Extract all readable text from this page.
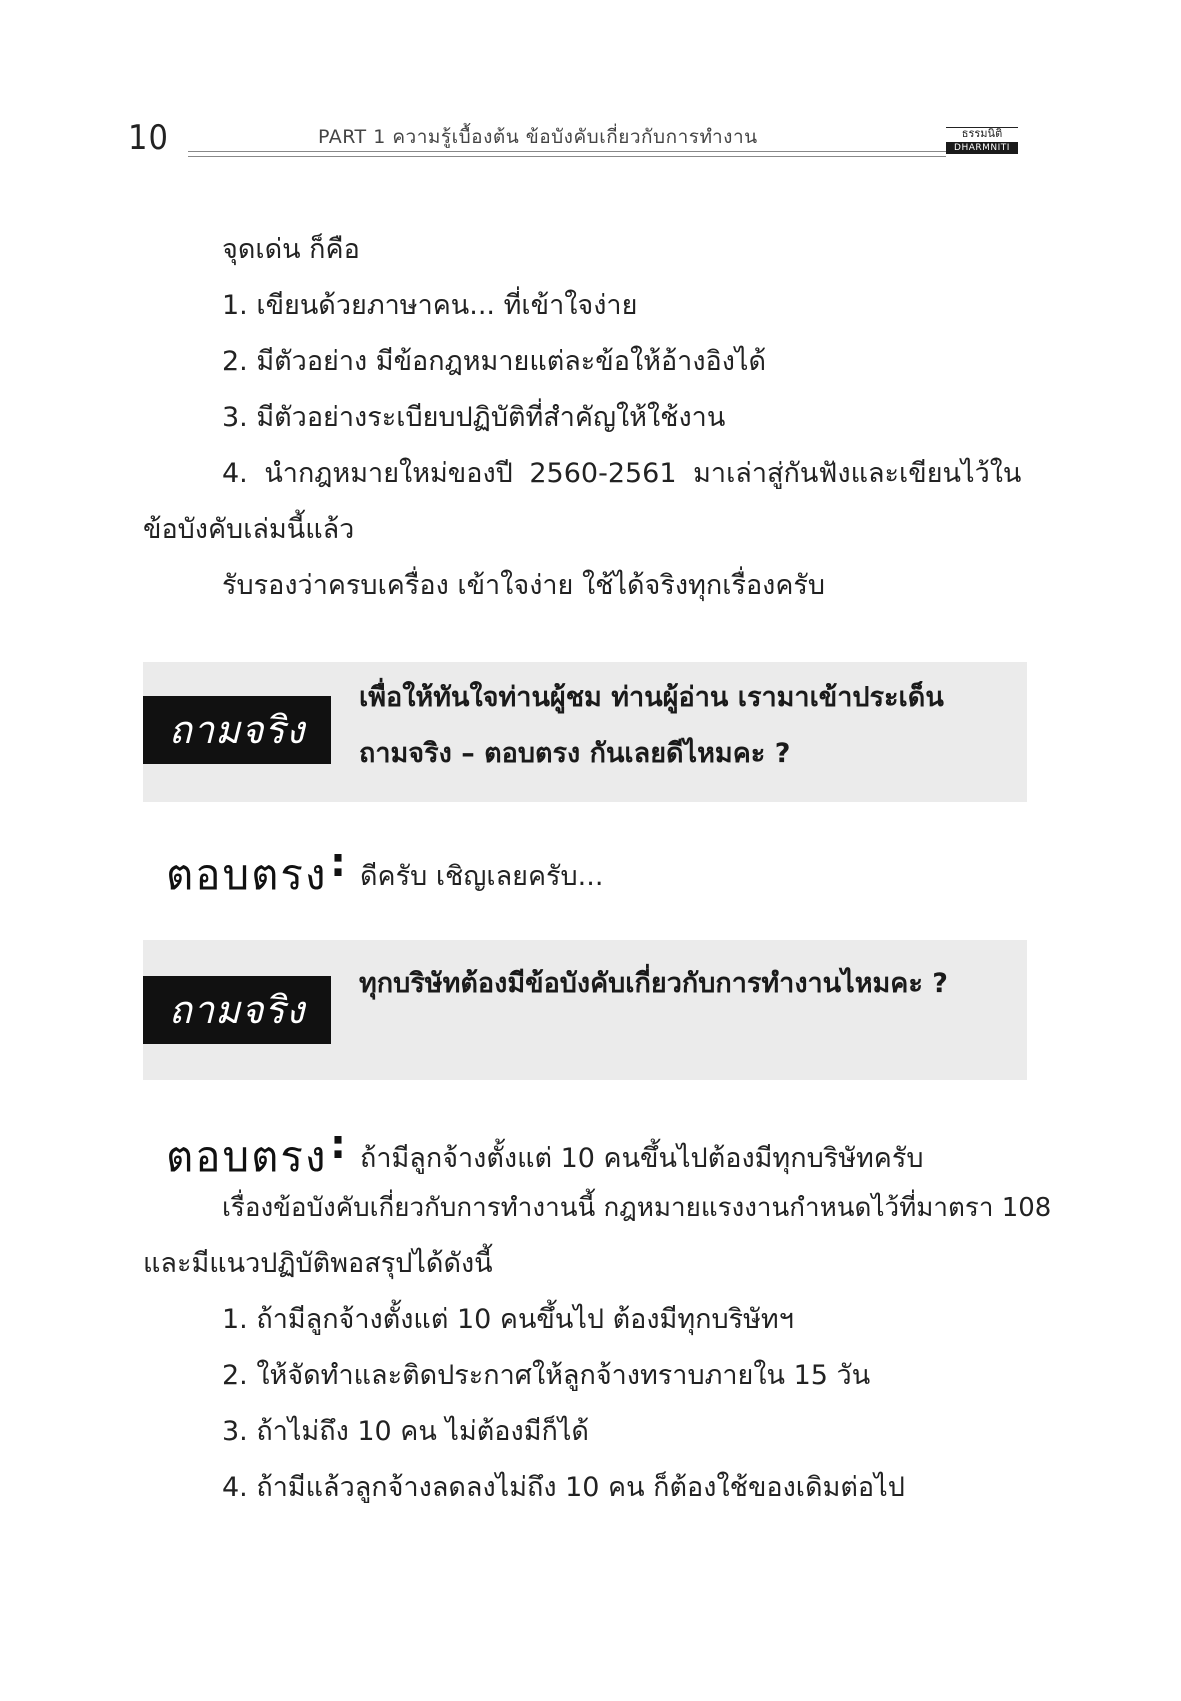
10	PART 1 ความรู้เบื้องต้น ข้อบังคับเกี่ยวกับการทำงาน	ธรรมนิติ
DHARMNITI
จุดเด่น ก็คือ
1. เขียนด้วยภาษาคน... ที่เข้าใจง่าย
2. มีตัวอย่าง มีข้อกฎหมายแต่ละข้อให้อ้างอิงได้
3. มีตัวอย่างระเบียบปฏิบัติที่สำคัญให้ใช้งาน
4. นำกฎหมายใหม่ของปี 2560-2561 มาเล่าสู่กันฟังและเขียนไว้ใน
ข้อบังคับเล่มนี้แล้ว
รับรองว่าครบเครื่อง เข้าใจง่าย ใช้ได้จริงทุกเรื่องครับ
ถามจริง
เพื่อให้ทันใจท่านผู้ชม ท่านผู้อ่าน เรามาเข้าประเด็น
ถามจริง – ตอบตรง กันเลยดีไหมคะ ?
ตอบตรง : ดีครับ เชิญเลยครับ...
ถามจริง
ทุกบริษัทต้องมีข้อบังคับเกี่ยวกับการทำงานไหมคะ ?
ตอบตรง : ถ้ามีลูกจ้างตั้งแต่ 10 คนขึ้นไปต้องมีทุกบริษัทครับ
เรื่องข้อบังคับเกี่ยวกับการทำงานนี้ กฎหมายแรงงานกำหนดไว้ที่มาตรา 108
และมีแนวปฏิบัติพอสรุปได้ดังนี้
1. ถ้ามีลูกจ้างตั้งแต่ 10 คนขึ้นไป ต้องมีทุกบริษัทฯ
2. ให้จัดทำและติดประกาศให้ลูกจ้างทราบภายใน 15 วัน
3. ถ้าไม่ถึง 10 คน ไม่ต้องมีก็ได้
4. ถ้ามีแล้วลูกจ้างลดลงไม่ถึง 10 คน ก็ต้องใช้ของเดิมต่อไป
